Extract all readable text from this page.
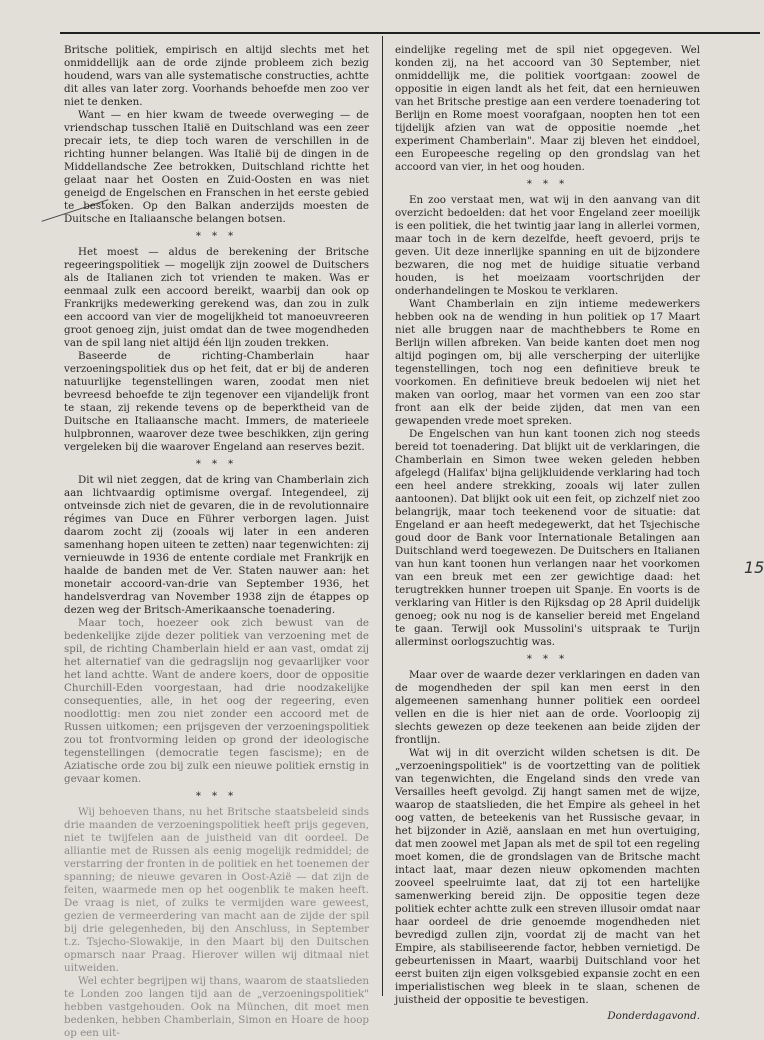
Britsche politiek, empirisch en altijd slechts met het onmiddellijk aan de orde zijnde probleem zich bezig houdend, wars van alle systematische constructies, achtte dit alles van later zorg. Voorhands behoefde men zoo ver niet te denken.

Want — en hier kwam de tweede overweging — de vriendschap tusschen Italië en Duitschland was een zeer precair iets, te diep toch waren de verschillen in de richting hunner belangen. Was Italië bij de dingen in de Middellandsche Zee betrokken, Duitschland richtte het gelaat naar het Oosten en Zuid-Oosten en was niet geneigd de Engelschen en Franschen in het eerste gebied te bestoken. Op den Balkan anderzijds moesten de Duitsche en Italiaansche belangen botsen.

* * *

Het moest — aldus de berekening der Britsche regeeringspolitiek — mogelijk zijn zoowel de Duitschers als de Italianen zich tot vrienden te maken. Was er eenmaal zulk een accoord bereikt, waarbij dan ook op Frankrijks medewerking gerekend was, dan zou in zulk een accoord van vier de mogelijkheid tot manoeuvreeren groot genoeg zijn, juist omdat dan de twee mogendheden van de spil lang niet altijd één lijn zouden trekken.

Baseerde de richting-Chamberlain haar verzoeningspolitiek dus op het feit, dat er bij de anderen natuurlijke tegenstellingen waren, zoodat men niet bevreesd behoefde te zijn tegenover een vijandelijk front te staan, zij rekende tevens op de beperktheid van de Duitsche en Italiaansche macht. Immers, de materieele hulpbronnen, waarover deze twee beschikken, zijn gering vergeleken bij die waarover Engeland aan reserves bezit.

* * *

Dit wil niet zeggen, dat de kring van Chamberlain zich aan lichtvaardig optimisme overgaf. Integendeel, zij ontveinsde zich niet de gevaren, die in de revolutionnaire régimes van Duce en Führer verborgen lagen. Juist daarom zocht zij (zooals wij later in een anderen samenhang hopen uiteen te zetten) naar tegenwichten: zij vernieuwde in 1936 de entente cordiale met Frankrijk en haalde de banden met de Ver. Staten nauwer aan: het monetair accoord-van-drie van September 1936, het handelsverdrag van November 1938 zijn de étappes op dezen weg der Britsch-Amerikaansche toenadering.

Maar toch, hoezeer ook zich bewust van de bedenkelijke zijde dezer politiek van verzoening met de spil, de richting Chamberlain hield er aan vast, omdat zij het alternatief van die gedragslijn nog gevaarlijker voor het land achtte. Want de andere koers, door de oppositie Churchill-Eden voorgestaan, had drie noodzakelijke consequenties, alle, in het oog der regeering, even noodlottig: men zou niet zonder een accoord met de Russen uitkomen; een prijsgeven der verzoeningspolitiek zou tot frontvorming leiden op grond der ideologische tegenstellingen (democratie tegen fascisme); en de Aziatische orde zou bij zulk een nieuwe politiek ernstig in gevaar komen.

* * *

Wij behoeven thans, nu het Britsche staatsbeleid sinds drie maanden de verzoeningspolitiek heeft prijs gegeven, niet te twijfelen aan de juistheid van dit oordeel. De alliantie met de Russen als eenig mogelijk redmiddel; de verstarring der fronten in de politiek en het toenemen der spanning; de nieuwe gevaren in Oost-Azië — dat zijn de feiten, waarmede men op het oogenblik te maken heeft. De vraag is niet, of zulks te vermijden ware geweest, gezien de vermeerdering van macht aan de zijde der spil bij drie gelegenheden, bij den Anschluss, in September t.z. Tsjecho-Slowakije, in den Maart bij den Duitschen opmarsch naar Praag. Hierover willen wij ditmaal niet uitweiden.

Wel echter begrijpen wij thans, waarom de staatslieden te Londen zoo langen tijd aan de „verzoeningspolitiek" hebben vastgehouden. Ook na München, dit moet men bedenken, hebben Chamberlain, Simon en Hoare de hoop op een uit-

eindelijke regeling met de spil niet opgegeven. Wel konden zij, na het accoord van 30 September, niet onmiddellijk me, die politiek voortgaan: zoowel de oppositie in eigen landt als het feit, dat een hernieuwen van het Britsche prestige aan een verdere toenadering tot Berlijn en Rome moest voorafgaan, noopten hen tot een tijdelijk afzien van wat de oppositie noemde „het experiment Chamberlain". Maar zij bleven het einddoel, een Europeesche regeling op den grondslag van het accoord van vier, in het oog houden.

* * *

En zoo verstaat men, wat wij in den aanvang van dit overzicht bedoelden: dat het voor Engeland zeer moeilijk is een politiek, die het twintig jaar lang in allerlei vormen, maar toch in de kern dezelfde, heeft gevoerd, prijs te geven. Uit deze innerlijke spanning en uit de bijzondere bezwaren, die nog met de huidige situatie verband houden, is het moeizaam voortschrijden der onderhandelingen te Moskou te verklaren.

Want Chamberlain en zijn intieme medewerkers hebben ook na de wending in hun politiek op 17 Maart niet alle bruggen naar de machthebbers te Rome en Berlijn willen afbreken. Van beide kanten doet men nog altijd pogingen om, bij alle verscherping der uiterlijke tegenstellingen, toch nog een definitieve breuk te voorkomen. En definitieve breuk bedoelen wij niet het maken van oorlog, maar het vormen van een zoo star front aan elk der beide zijden, dat men van een gewapenden vrede moet spreken.

De Engelschen van hun kant toonen zich nog steeds bereid tot toenadering. Dat blijkt uit de verklaringen, die Chamberlain en Simon twee weken geleden hebben afgelegd (Halifax' bijna gelijkluidende verklaring had toch een heel andere strekking, zooals wij later zullen aantoonen). Dat blijkt ook uit een feit, op zichzelf niet zoo belangrijk, maar toch teekenend voor de situatie: dat Engeland er aan heeft medegewerkt, dat het Tsjechische goud door de Bank voor Internationale Betalingen aan Duitschland werd toegewezen. De Duitschers en Italianen van hun kant toonen hun verlangen naar het voorkomen van een breuk met een zer gewichtige daad: het terugtrekken hunner troepen uit Spanje. En voorts is de verklaring van Hitler is den Rijksdag op 28 April duidelijk genoeg; ook nu nog is de kanselier bereid met Engeland te gaan. Terwijl ook Mussolini's uitspraak te Turijn allerminst oorlogszuchtig was.

* * *

Maar over de waarde dezer verklaringen en daden van de mogendheden der spil kan men eerst in den algemeenen samenhang hunner politiek een oordeel vellen en die is hier niet aan de orde. Voorloopig zij slechts gewezen op deze teekenen aan beide zijden der frontlijn.

Wat wij in dit overzicht wilden schetsen is dit. De „verzoeningspolitiek" is de voortzetting van de politiek van tegenwichten, die Engeland sinds den vrede van Versailles heeft gevolgd. Zij hangt samen met de wijze, waarop de staatslieden, die het Empire als geheel in het oog vatten, de beteekenis van het Russische gevaar, in het bijzonder in Azië, aanslaan en met hun overtuiging, dat men zoowel met Japan als met de spil tot een regeling moet komen, die de grondslagen van de Britsche macht intact laat, maar dezen nieuw opkomenden machten zooveel speelruimte laat, dat zij tot een hartelijke samenwerking bereid zijn. De oppositie tegen deze politiek echter achtte zulk een streven illusoir omdat naar haar oordeel de drie genoemde mogendheden niet bevredigd zullen zijn, voordat zij de macht van het Empire, als stabiliseerende factor, hebben vernietigd. De gebeurtenissen in Maart, waarbij Duitschland voor het eerst buiten zijn eigen volksgebied expansie zocht en een imperialistischen weg bleek in te slaan, schenen de juistheid der oppositie te bevestigen.

Donderdagavond.
15
